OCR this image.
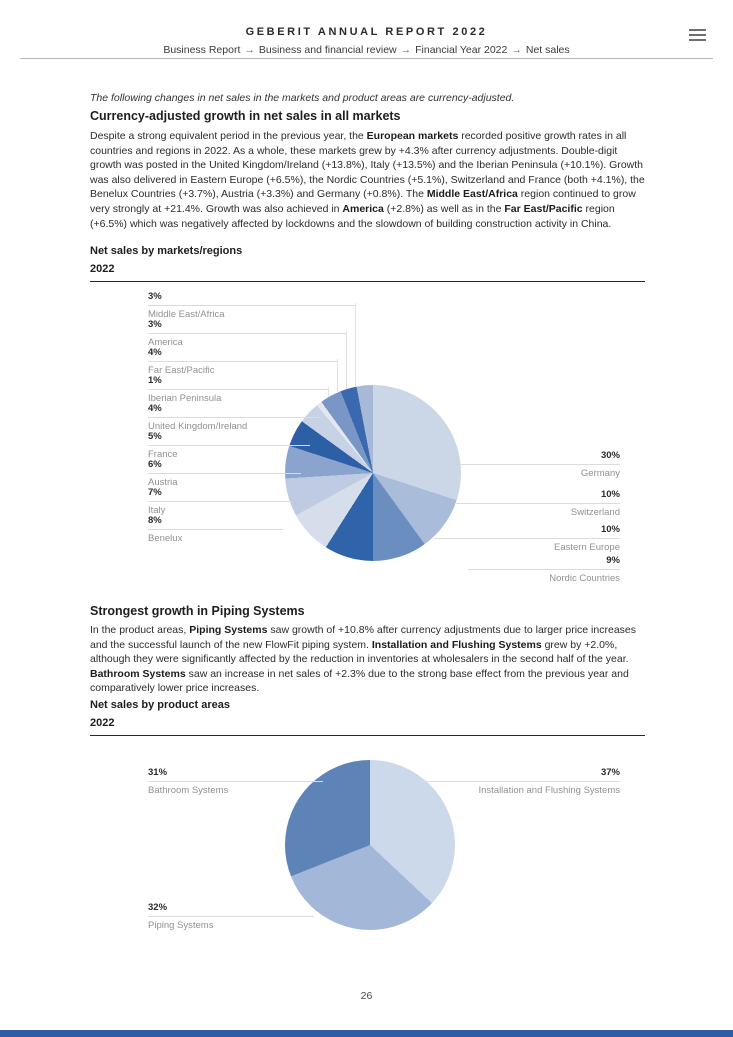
GEBERIT ANNUAL REPORT 2022
Business Report → Business and financial review → Financial Year 2022 → Net sales
The following changes in net sales in the markets and product areas are currency-adjusted.
Currency-adjusted growth in net sales in all markets
Despite a strong equivalent period in the previous year, the European markets recorded positive growth rates in all countries and regions in 2022. As a whole, these markets grew by +4.3% after currency adjustments. Double-digit growth was posted in the United Kingdom/Ireland (+13.8%), Italy (+13.5%) and the Iberian Peninsula (+10.1%). Growth was also delivered in Eastern Europe (+6.5%), the Nordic Countries (+5.1%), Switzerland and France (both +4.1%), the Benelux Countries (+3.7%), Austria (+3.3%) and Germany (+0.8%). The Middle East/Africa region continued to grow very strongly at +21.4%. Growth was also achieved in America (+2.8%) as well as in the Far East/Pacific region (+6.5%) which was negatively affected by lockdowns and the slowdown of building construction activity in China.
Net sales by markets/regions
2022
3%
Middle East/Africa
3%
America
4%
Far East/Pacific
1%
Iberian Peninsula
4%
United Kingdom/Ireland
5%
France
6%
Austria
7%
Italy
8%
Benelux
30%
Germany
10%
Switzerland
10%
Eastern Europe
9%
Nordic Countries
Strongest growth in Piping Systems
In the product areas, Piping Systems saw growth of +10.8% after currency adjustments due to larger price increases and the successful launch of the new FlowFit piping system. Installation and Flushing Systems grew by +2.0%, although they were significantly affected by the reduction in inventories at wholesalers in the second half of the year. Bathroom Systems saw an increase in net sales of +2.3% due to the strong base effect from the previous year and comparatively lower price increases.
Net sales by product areas
2022
31%
Bathroom Systems
37%
Installation and Flushing Systems
32%
Piping Systems
26
